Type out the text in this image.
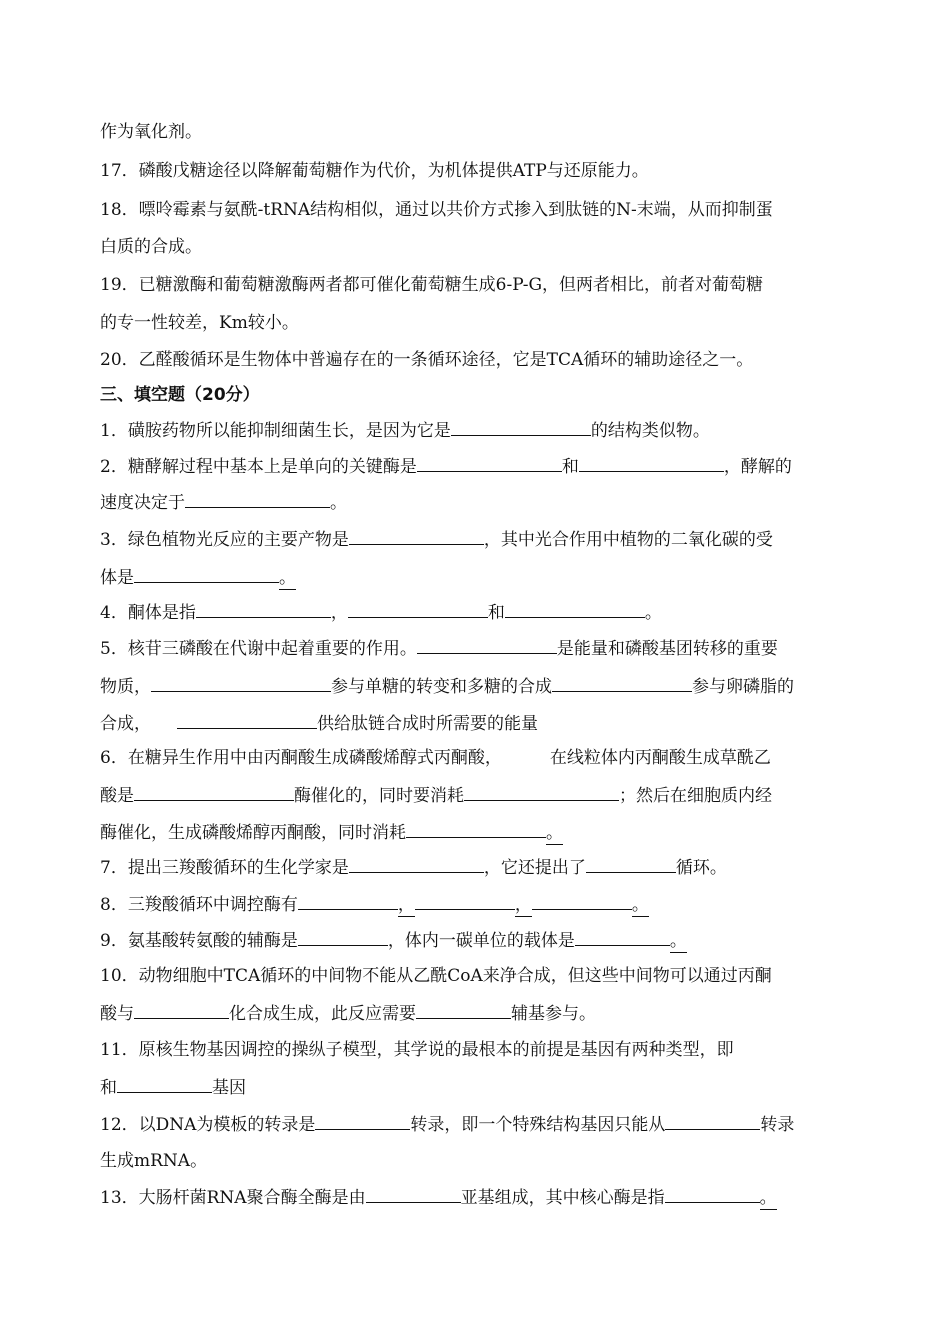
作为氧化剂。
17．磷酸戊糖途径以降解葡萄糖作为代价，为机体提供ATP与还原能力。
18．嘌呤霉素与氨酰-tRNA结构相似，通过以共价方式掺入到肽链的N-末端，从而抑制蛋
白质的合成。
19．已糖激酶和葡萄糖激酶两者都可催化葡萄糖生成6-P-G，但两者相比，前者对葡萄糖
的专一性较差，Km较小。
20．乙醛酸循环是生物体中普遍存在的一条循环途径，它是TCA循环的辅助途径之一。
三、填空题（20分）
1．磺胺药物所以能抑制细菌生长，是因为它是	的结构类似物。
2．糖酵解过程中基本上是单向的关键酶是	和	，酵解的
速度决定于	。
3．绿色植物光反应的主要产物是	，其中光合作用中植物的二氧化碳的受
体是	。
4．酮体是指	，	和	。
5．核苷三磷酸在代谢中起着重要的作用。	是能量和磷酸基团转移的重要
物质，	参与单糖的转变和多糖的合成	参与卵磷脂的
合成，	供给肽链合成时所需要的能量
6．在糖异生作用中由丙酮酸生成磷酸烯醇式丙酮酸，	在线粒体内丙酮酸生成草酰乙
酸是	酶催化的，同时要消耗	；然后在细胞质内经
酶催化，生成磷酸烯醇丙酮酸，同时消耗	。
7．提出三羧酸循环的生化学家是	，它还提出了	循环。
8．三羧酸循环中调控酶有	，	，	。
9．氨基酸转氨酸的辅酶是	，体内一碳单位的载体是	。
10．动物细胞中TCA循环的中间物不能从乙酰CoA来净合成，但这些中间物可以通过丙酮
酸与	化合成生成，此反应需要	辅基参与。
11．原核生物基因调控的操纵子模型，其学说的最根本的前提是基因有两种类型，即
和	基因
12．以DNA为模板的转录是	转录，即一个特殊结构基因只能从	转录
生成mRNA。
13．大肠杆菌RNA聚合酶全酶是由	亚基组成，其中核心酶是指	。
